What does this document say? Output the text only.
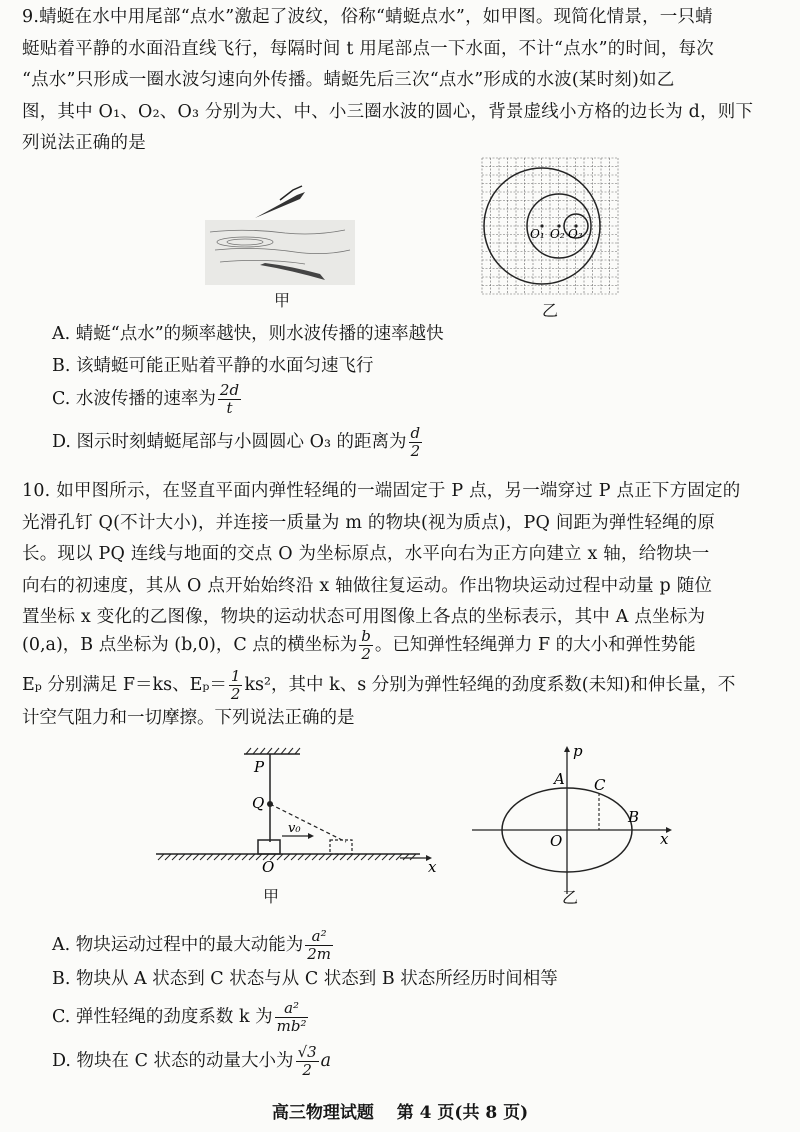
9.蜻蜓在水中用尾部“点水”激起了波纹，俗称“蜻蜓点水”，如甲图。现简化情景，一只蜻
蜓贴着平静的水面沿直线飞行，每隔时间 t 用尾部点一下水面，不计“点水”的时间，每次
“点水”只形成一圈水波匀速向外传播。蜻蜓先后三次“点水”形成的水波(某时刻)如乙
图，其中 O₁、O₂、O₃ 分别为大、中、小三圈水波的圆心，背景虚线小方格的边长为 d，则下
列说法正确的是
甲
O₁ O₂ O₃
乙
A. 蜻蜓“点水”的频率越快，则水波传播的速率越快
B. 该蜻蜓可能正贴着平静的水面匀速飞行
C. 水波传播的速率为 $\frac{2d}{t}$
D. 图示时刻蜻蜓尾部与小圆圆心 O₃ 的距离为 $\frac{d}{2}$
10. 如甲图所示，在竖直平面内弹性轻绳的一端固定于 P 点，另一端穿过 P 点正下方固定的
光滑孔钉 Q(不计大小)，并连接一质量为 m 的物块(视为质点)，PQ 间距为弹性轻绳的原
长。现以 PQ 连线与地面的交点 O 为坐标原点，水平向右为正方向建立 x 轴，给物块一
向右的初速度，其从 O 点开始始终沿 x 轴做往复运动。作出物块运动过程中动量 p 随位
置坐标 x 变化的乙图像，物块的运动状态可用图像上各点的坐标表示，其中 A 点坐标为
(0,a)，B 点坐标为 (b,0)，C 点的横坐标为 $\frac{b}{2}$ 。已知弹性轻绳弹力 F 的大小和弹性势能
Eₚ 分别满足 F＝ks、$E_p= \frac{1}{2} ks^2$，其中 k、s 分别为弹性轻绳的劲度系数(未知)和伸长量，不
计空气阻力和一切摩擦。下列说法正确的是
P
Q
v₀
O	x
甲
p
A C
B
O	x
乙
A. 物块运动过程中的最大动能为 $\frac{\text{a²}}{2m}$
B. 物块从 A 状态到 C 状态与从 C 状态到 B 状态所经历时间相等
C. 弹性轻绳的劲度系数 k 为 $\frac{\text{a²}}{\text{mb²}}$
D. 物块在 C 状态的动量大小为 $\frac{√3}{2}$ a
高三物理试题　 第 4 页(共 8 页)
